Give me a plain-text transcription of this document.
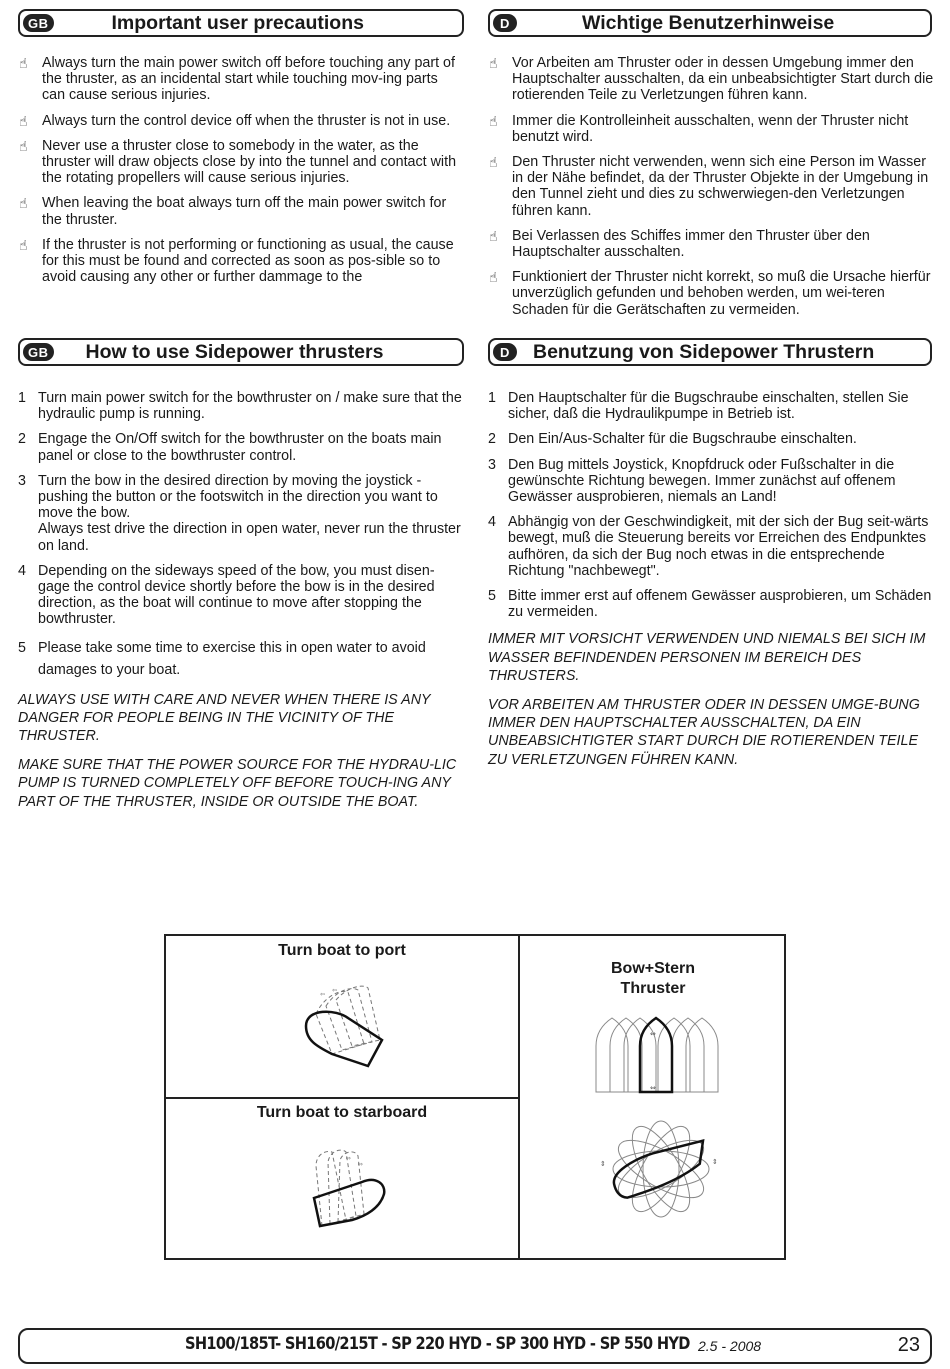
GB	Important user precautions
☝ Always turn the main power switch off before touching any part of the thruster, as an incidental start while touching mov-ing parts can cause serious injuries.
☝ Always turn the control device off when the thruster is not in use.
☝ Never use a thruster close to somebody in the water, as the thruster will draw objects close by into the tunnel and contact with the rotating propellers will cause serious injuries.
☝ When leaving the boat always turn off the main power switch for the thruster.
☝ If the thruster is not performing or functioning as usual, the cause for this must be found and corrected as soon as pos-sible so to avoid causing any other or further dammage to the
D	Wichtige Benutzerhinweise
☝ Vor Arbeiten am Thruster oder in dessen Umgebung immer den Hauptschalter ausschalten, da ein unbeabsichtigter Start durch die rotierenden Teile zu Verletzungen führen kann.
☝ Immer die Kontrolleinheit ausschalten, wenn der Thruster nicht benutzt wird.
☝ Den Thruster nicht verwenden, wenn sich eine Person im Wasser in der Nähe befindet, da der Thruster Objekte in der Umgebung in den Tunnel zieht und dies zu schwerwiegen-den Verletzungen führen kann.
☝ Bei Verlassen des Schiffes immer den Thruster über den Hauptschalter ausschalten.
☝ Funktioniert der Thruster nicht korrekt, so muß die Ursache hierfür unverzüglich gefunden und behoben werden, um wei-teren Schaden für die Gerätschaften zu vermeiden.
GB How to use Sidepower thrusters
1 Turn main power switch for the bowthruster on / make sure that the hydraulic pump is running.
2 Engage the On/Off switch for the bowthruster on the boats main panel or close to the bowthruster control.
3 Turn the bow in the desired direction by moving the joystick - pushing the button or the footswitch in the direction you want to move the bow.
Always test drive the direction in open water, never run the thruster on land.
4 Depending on the sideways speed of the bow, you must disen-gage the control device shortly before the bow is in the desired direction, as the boat will continue to move after stopping the bowthruster.
5 Please take some time to exercise this in open water to avoid damages to your boat.

ALWAYS USE WITH CARE AND NEVER WHEN THERE IS ANY DANGER FOR PEOPLE BEING IN THE VICINITY OF THE THRUSTER.

MAKE SURE THAT THE POWER SOURCE FOR THE HYDRAU-LIC PUMP IS TURNED COMPLETELY OFF BEFORE TOUCH-ING ANY PART OF THE THRUSTER, INSIDE OR OUTSIDE THE BOAT.

D	Benutzung von Sidepower Thrustern
1 Den Hauptschalter für die Bugschraube einschalten, stellen Sie sicher, daß die Hydraulikpumpe in Betrieb ist.
2 Den Ein/Aus-Schalter für die Bugschraube einschalten.
3 Den Bug mittels Joystick, Knopfdruck oder Fußschalter in die gewünschte Richtung bewegen. Immer zunächst auf offenem Gewässer ausprobieren, niemals an Land!
4 Abhängig von der Geschwindigkeit, mit der sich der Bug seit-wärts bewegt, muß die Steuerung bereits vor Erreichen des Endpunktes aufhören, da sich der Bug noch etwas in die entsprechende Richtung "nachbewegt".
5 Bitte immer erst auf offenem Gewässer ausprobieren, um Schäden zu vermeiden.

IMMER MIT VORSICHT VERWENDEN UND NIEMALS BEI SICH IM WASSER BEFINDENDEN PERSONEN IM BEREICH DES THRUSTERS.

VOR ARBEITEN AM THRUSTER ODER IN DESSEN UMGE-BUNG IMMER DEN HAUPTSCHALTER AUSSCHALTEN, DA EIN UNBEABSICHTIGTER START DURCH DIE ROTIERENDEN TEILE ZU VERLETZUNGEN FÜHREN KANN.

Turn boat to port
⇦
⇦
Turn boat to starboard
⇨
⇨
Bow+Stern
Thruster
⇔
⇔
⇕	⇕
SH100/185T- SH160/215T - SP 220 HYD - SP 300 HYD - SP 550 HYD 2.5 - 2008	23
